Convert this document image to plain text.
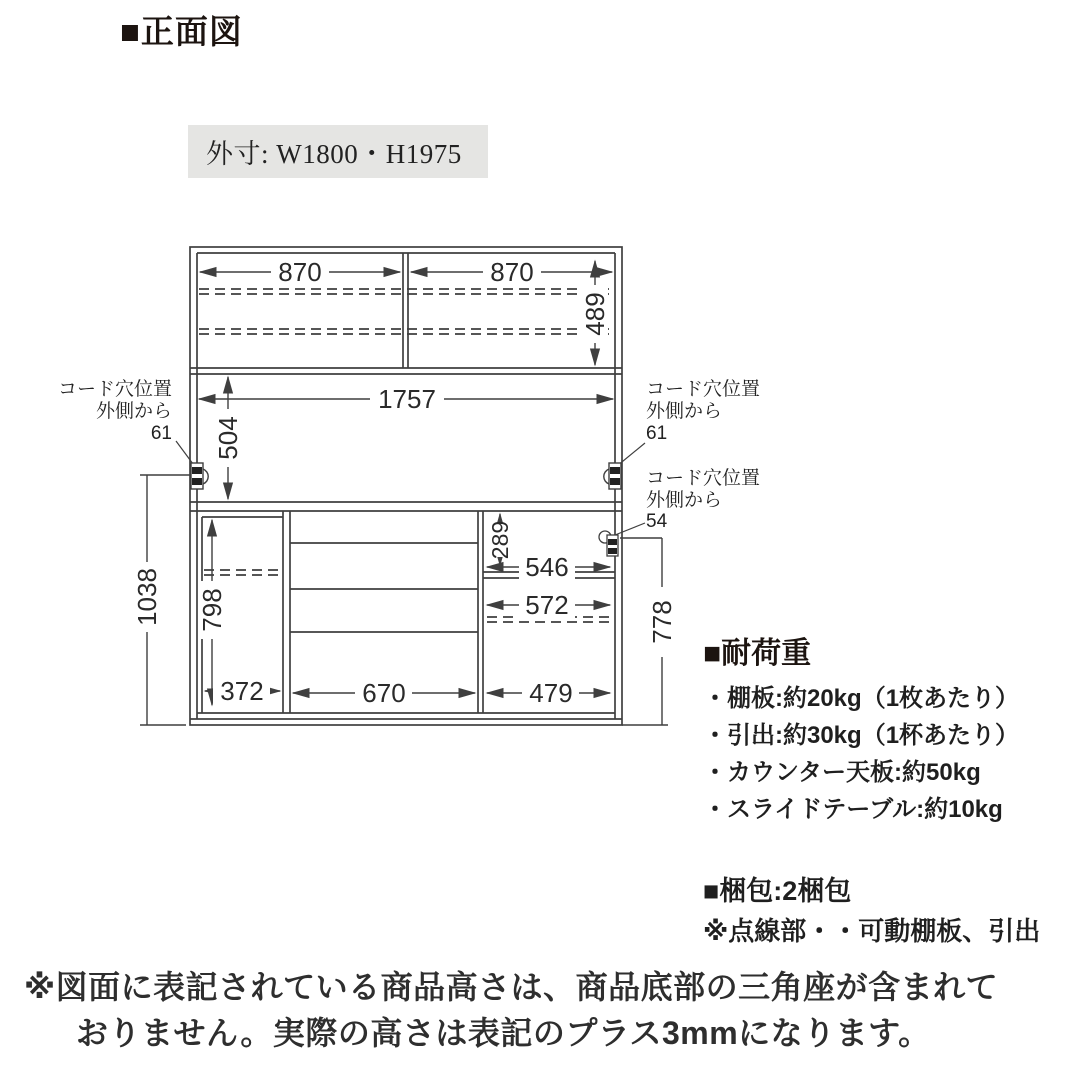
870	870
489
1757
504
798
372	670	479
289
546
572
1038	778
コード穴位置
外側から
61
コード穴位置
外側から
61
コード穴位置
外側から
54
■正面図
外寸: W1800・H1975
■耐荷重
・棚板:約20kg（1枚あたり）
・引出:約30kg（1杯あたり）
・カウンター天板:約50kg
・スライドテーブル:約10kg
■梱包:2梱包
※点線部・・可動棚板、引出
※図面に表記されている商品高さは、商品底部の三角座が含まれて
おりません。実際の高さは表記のプラス3mmになります。
